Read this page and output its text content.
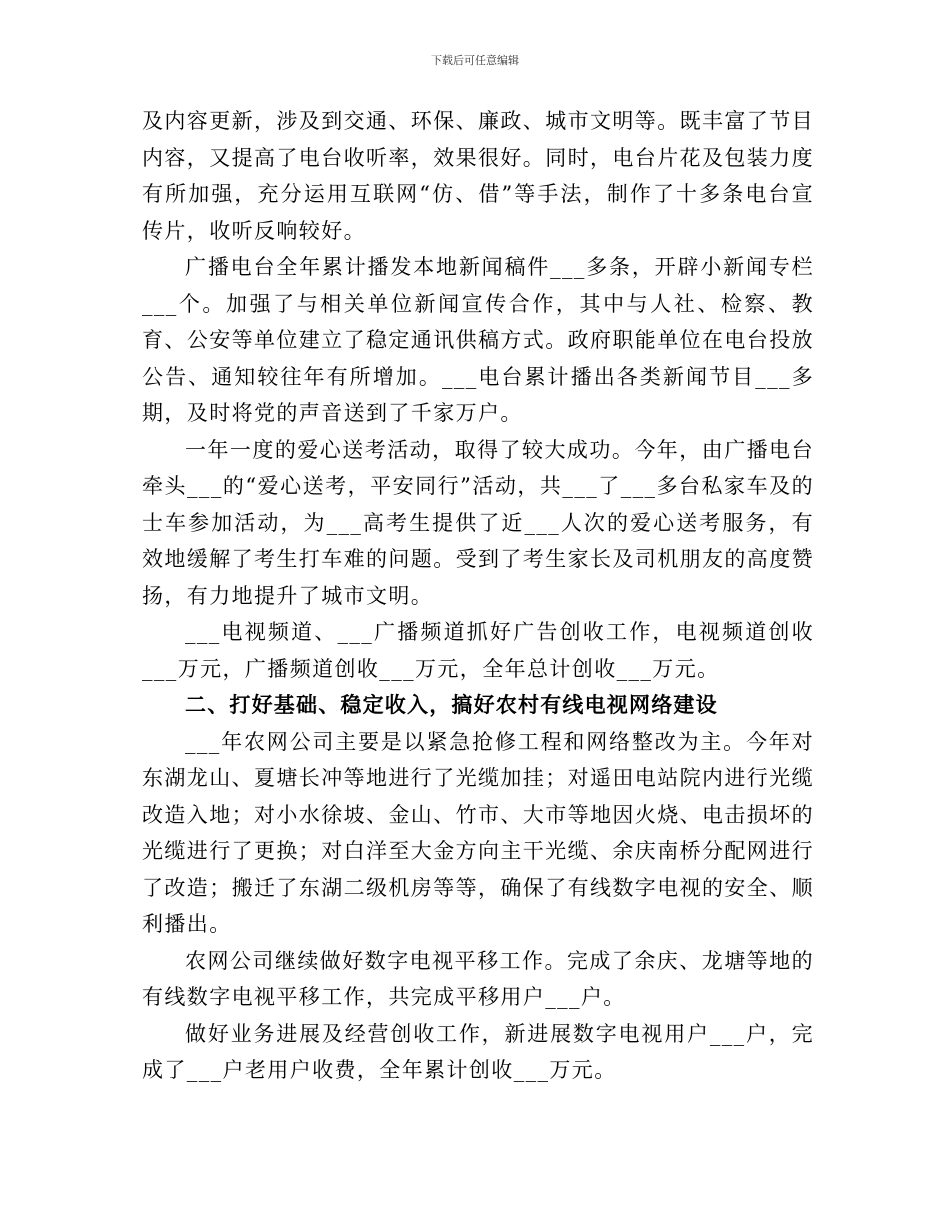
下载后可任意编辑

及内容更新，涉及到交通、环保、廉政、城市文明等。既丰富了节目内容，又提高了电台收听率，效果很好。同时，电台片花及包装力度有所加强，充分运用互联网“仿、借”等手法，制作了十多条电台宣传片，收听反响较好。

广播电台全年累计播发本地新闻稿件___多条，开辟小新闻专栏___个。加强了与相关单位新闻宣传合作，其中与人社、检察、教育、公安等单位建立了稳定通讯供稿方式。政府职能单位在电台投放公告、通知较往年有所增加。___电台累计播出各类新闻节目___多期，及时将党的声音送到了千家万户。

一年一度的爱心送考活动，取得了较大成功。今年，由广播电台牵头___的“爱心送考，平安同行”活动，共___了___多台私家车及的士车参加活动，为___高考生提供了近___人次的爱心送考服务，有效地缓解了考生打车难的问题。受到了考生家长及司机朋友的高度赞扬，有力地提升了城市文明。

___电视频道、___广播频道抓好广告创收工作，电视频道创收___万元，广播频道创收___万元，全年总计创收___万元。

二、打好基础、稳定收入，搞好农村有线电视网络建设

___年农网公司主要是以紧急抢修工程和网络整改为主。今年对东湖龙山、夏塘长冲等地进行了光缆加挂；对遥田电站院内进行光缆改造入地；对小水徐坡、金山、竹市、大市等地因火烧、电击损坏的光缆进行了更换；对白洋至大金方向主干光缆、余庆南桥分配网进行了改造；搬迁了东湖二级机房等等，确保了有线数字电视的安全、顺利播出。

农网公司继续做好数字电视平移工作。完成了余庆、龙塘等地的有线数字电视平移工作，共完成平移用户___户。

做好业务进展及经营创收工作，新进展数字电视用户___户，完成了___户老用户收费，全年累计创收___万元。
